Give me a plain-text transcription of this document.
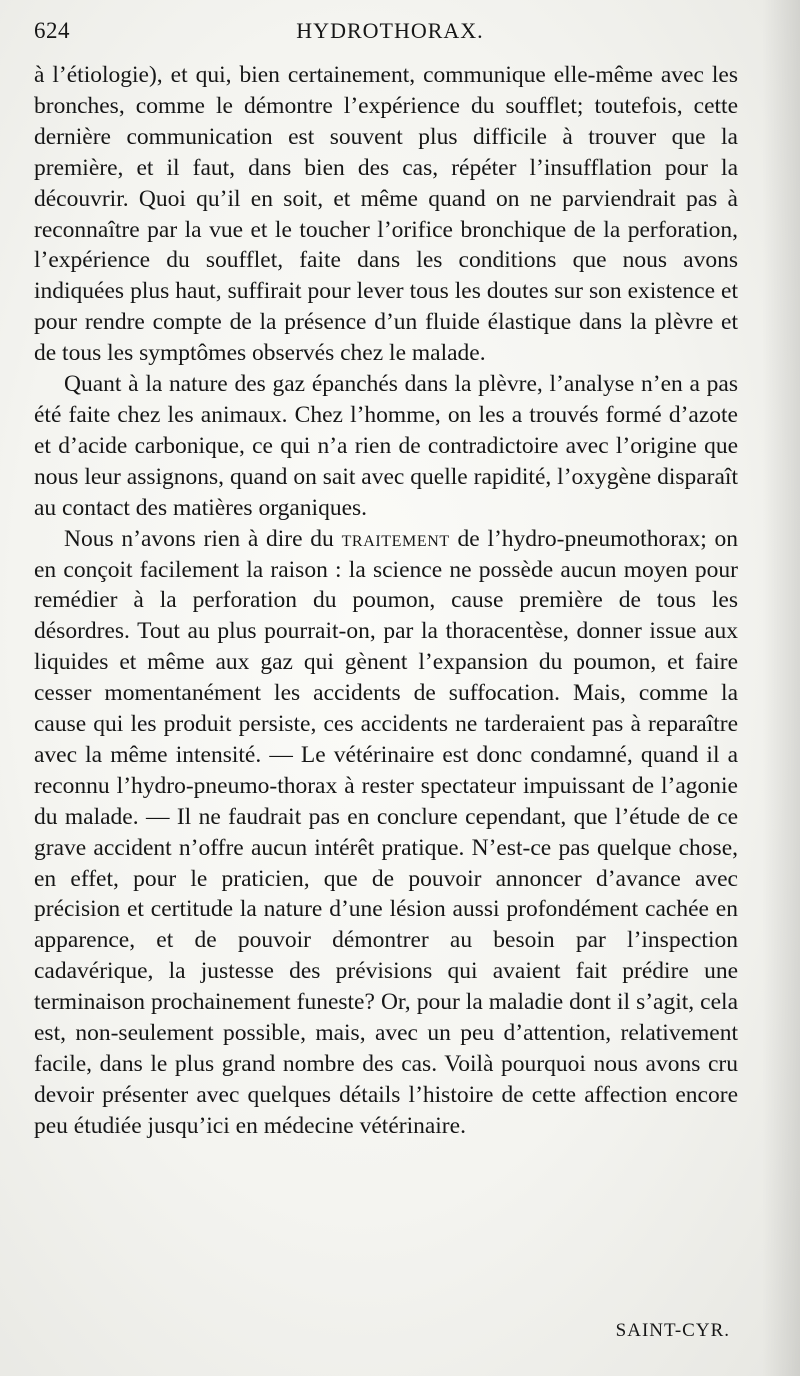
624	HYDROTHORAX.

à l’étiologie), et qui, bien certainement, communique elle-même avec les bronches, comme le démontre l’expérience du soufflet; toutefois, cette dernière communication est souvent plus difficile à trouver que la première, et il faut, dans bien des cas, répéter l’insufflation pour la découvrir. Quoi qu’il en soit, et même quand on ne parviendrait pas à reconnaître par la vue et le toucher l’orifice bronchique de la perforation, l’expérience du soufflet, faite dans les conditions que nous avons indiquées plus haut, suffirait pour lever tous les doutes sur son existence et pour rendre compte de la présence d’un fluide élastique dans la plèvre et de tous les symptômes observés chez le malade.

Quant à la nature des gaz épanchés dans la plèvre, l’analyse n’en a pas été faite chez les animaux. Chez l’homme, on les a trouvés formé d’azote et d’acide carbonique, ce qui n’a rien de contradictoire avec l’origine que nous leur assignons, quand on sait avec quelle rapidité, l’oxygène disparaît au contact des matières organiques.

Nous n’avons rien à dire du traitement de l’hydro-pneumothorax; on en conçoit facilement la raison : la science ne possède aucun moyen pour remédier à la perforation du poumon, cause première de tous les désordres. Tout au plus pourrait-on, par la thoracentèse, donner issue aux liquides et même aux gaz qui gènent l’expansion du poumon, et faire cesser momentanément les accidents de suffocation. Mais, comme la cause qui les produit persiste, ces accidents ne tarderaient pas à reparaître avec la même intensité. — Le vétérinaire est donc condamné, quand il a reconnu l’hydro-pneumo-thorax à rester spectateur impuissant de l’agonie du malade. — Il ne faudrait pas en conclure cependant, que l’étude de ce grave accident n’offre aucun intérêt pratique. N’est-ce pas quelque chose, en effet, pour le praticien, que de pouvoir annoncer d’avance avec précision et certitude la nature d’une lésion aussi profondément cachée en apparence, et de pouvoir démontrer au besoin par l’inspection cadavérique, la justesse des prévisions qui avaient fait prédire une terminaison prochainement funeste? Or, pour la maladie dont il s’agit, cela est, non-seulement possible, mais, avec un peu d’attention, relativement facile, dans le plus grand nombre des cas. Voilà pourquoi nous avons cru devoir présenter avec quelques détails l’histoire de cette affection encore peu étudiée jusqu’ici en médecine vétérinaire.

SAINT-CYR.
